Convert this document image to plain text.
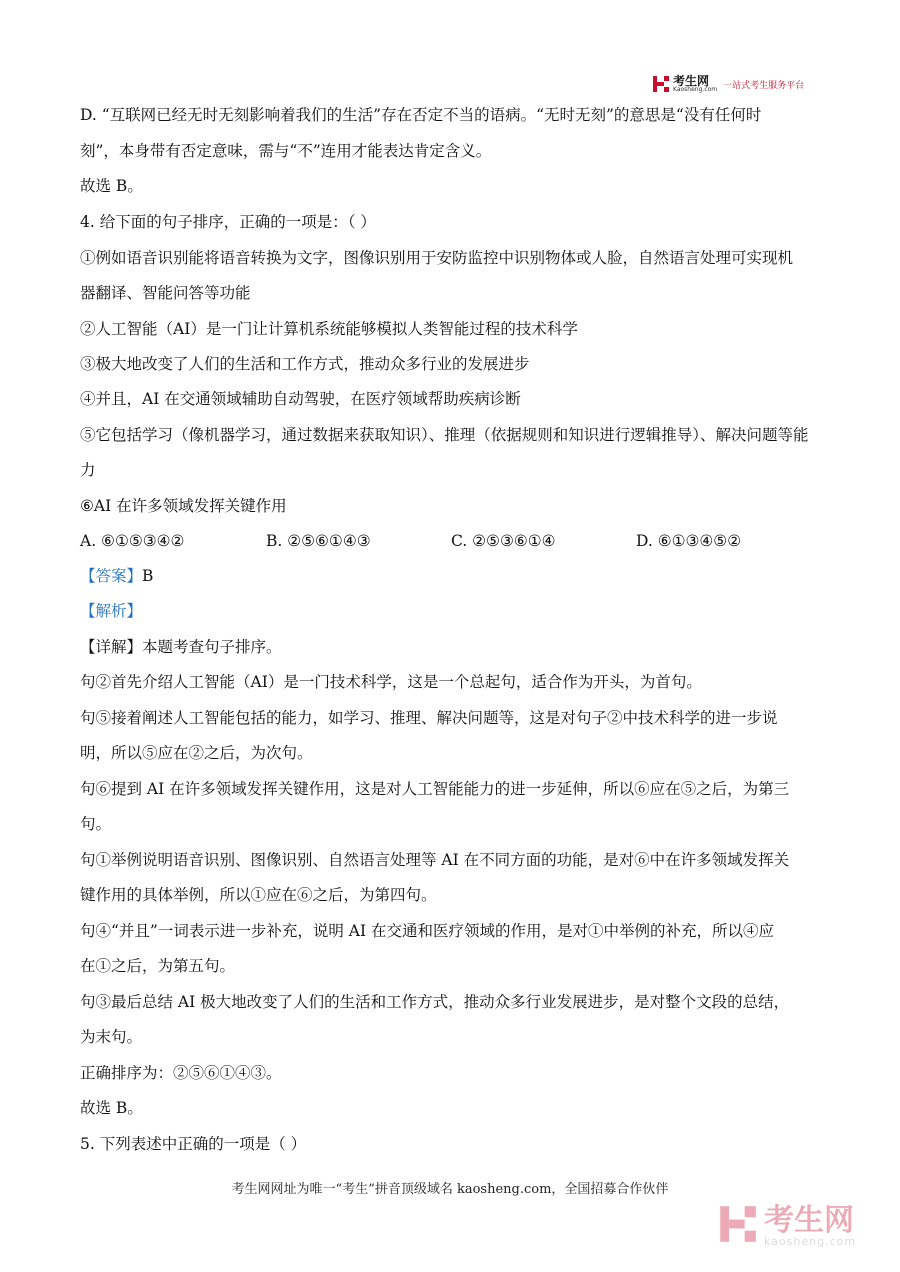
考生网
Kaosheng.com 一站式考生服务平台
D. “互联网已经无时无刻影响着我们的生活”存在否定不当的语病。“无时无刻”的意思是“没有任何时
刻”，本身带有否定意味，需与“不”连用才能表达肯定含义。
故选 B。
4. 给下面的句子排序，正确的一项是：（ ）
①例如语音识别能将语音转换为文字，图像识别用于安防监控中识别物体或人脸，自然语言处理可实现机
器翻译、智能问答等功能
②人工智能（AI）是一门让计算机系统能够模拟人类智能过程的技术科学
③极大地改变了人们的生活和工作方式，推动众多行业的发展进步
④并且，AI 在交通领域辅助自动驾驶，在医疗领域帮助疾病诊断
⑤它包括学习（像机器学习，通过数据来获取知识）、推理（依据规则和知识进行逻辑推导）、解决问题等能
力
⑥AI 在许多领域发挥关键作用
A. ⑥①⑤③④②	B. ②⑤⑥①④③	C. ②⑤③⑥①④	D. ⑥①③④⑤②
【答案】B
【解析】
【详解】本题考查句子排序。
句②首先介绍人工智能（AI）是一门技术科学，这是一个总起句，适合作为开头，为首句。
句⑤接着阐述人工智能包括的能力，如学习、推理、解决问题等，这是对句子②中技术科学的进一步说
明，所以⑤应在②之后，为次句。
句⑥提到 AI 在许多领域发挥关键作用，这是对人工智能能力的进一步延伸，所以⑥应在⑤之后，为第三
句。
句①举例说明语音识别、图像识别、自然语言处理等 AI 在不同方面的功能，是对⑥中在许多领域发挥关
键作用的具体举例，所以①应在⑥之后，为第四句。
句④“并且”一词表示进一步补充，说明 AI 在交通和医疗领域的作用，是对①中举例的补充，所以④应
在①之后，为第五句。
句③最后总结 AI 极大地改变了人们的生活和工作方式，推动众多行业发展进步，是对整个文段的总结，
为末句。
正确排序为：②⑤⑥①④③。
故选 B。
5. 下列表述中正确的一项是（ ）
考生网网址为唯一“考生”拼音顶级域名 kaosheng.com，全国招募合作伙伴
考生网
kaosheng.com
